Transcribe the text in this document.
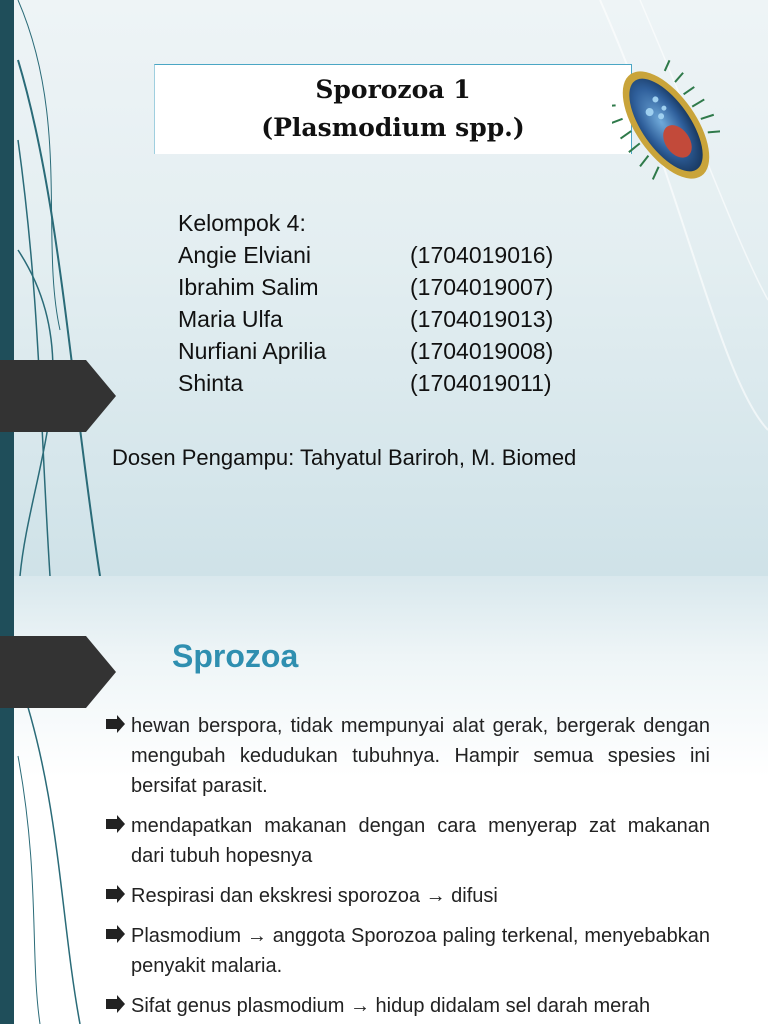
Sporozoa 1
(Plasmodium spp.)
Kelompok 4:
Angie Elviani	(1704019016)
Ibrahim Salim	(1704019007)
Maria Ulfa	(1704019013)
Nurfiani Aprilia	(1704019008)
Shinta	(1704019011)
Dosen Pengampu: Tahyatul Bariroh, M. Biomed
Sprozoa
hewan berspora, tidak mempunyai alat gerak, bergerak dengan mengubah kedudukan tubuhnya. Hampir semua spesies ini bersifat parasit.
mendapatkan makanan dengan cara menyerap zat makanan dari tubuh hopesnya
Respirasi dan ekskresi sporozoa → difusi
Plasmodium → anggota Sporozoa paling terkenal, menyebabkan penyakit malaria.
Sifat genus plasmodium → hidup didalam sel darah merah
